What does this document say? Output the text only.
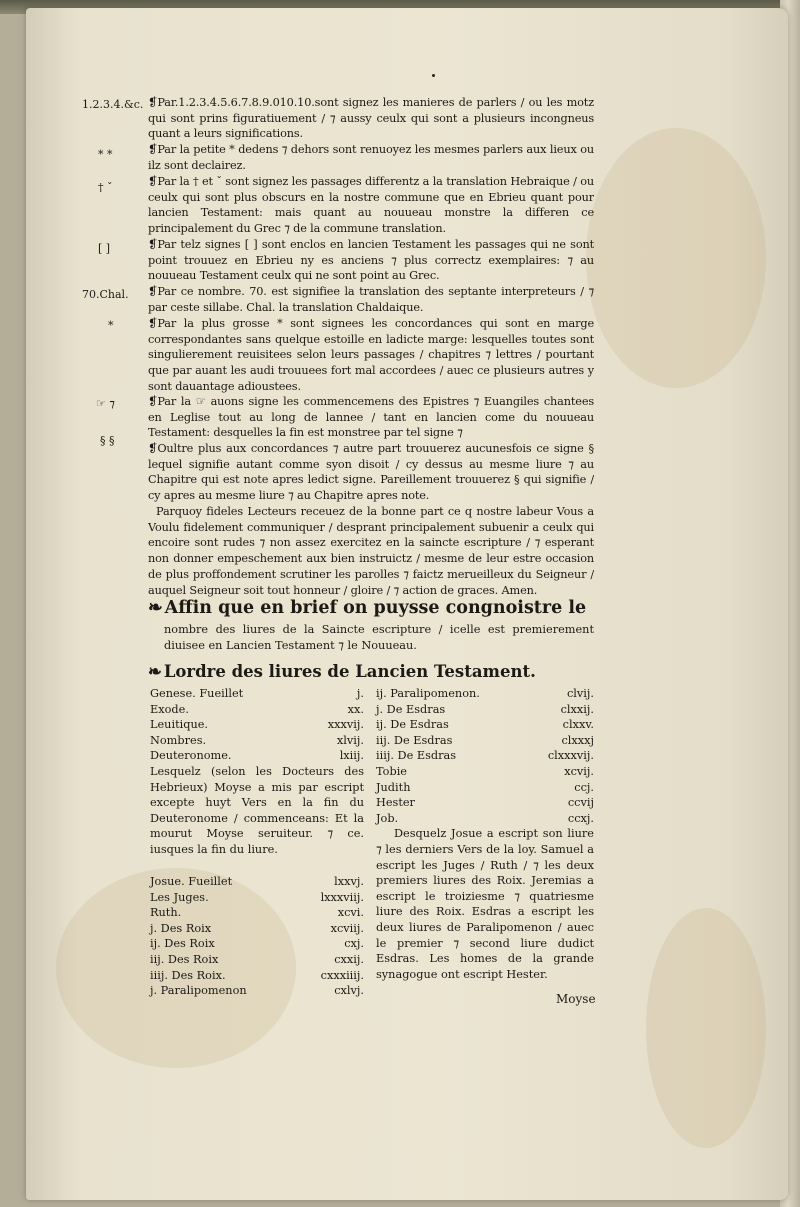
1.2.3.4.&c.
* *
† ˇ
[ ]
70.Chal.
*
☞ ⁊
§ §

❡Par.1.2.3.4.5.6.7.8.9.010.10.sont signez les manieres de parlers / ou les motz qui sont prins figuratiuement / ⁊ aussy ceulx qui sont a plusieurs incongneus quant a leurs significations.

❡Par la petite * dedens ⁊ dehors sont renuoyez les mesmes parlers aux lieux ou ilz sont declairez.

❡Par la † et ˇ sont signez les passages differentz a la translation Hebraique / ou ceulx qui sont plus obscurs en la nostre commune que en Ebrieu quant pour lancien Testament: mais quant au nouueau monstre la differen ce principalement du Grec ⁊ de la commune translation.

❡Par telz signes [ ] sont enclos en lancien Testament les passages qui ne sont point trouuez en Ebrieu ny es anciens ⁊ plus correctz exemplaires: ⁊ au nouueau Testament ceulx qui ne sont point au Grec.

❡Par ce nombre. 70. est signifiee la translation des septante interpreteurs / ⁊ par ceste sillabe. Chal. la translation Chaldaique.

❡Par la plus grosse * sont signees les concordances qui sont en marge correspondantes sans quelque estoille en ladicte marge: lesquelles toutes sont singulierement reuisitees selon leurs passages / chapitres ⁊ lettres / pourtant que par auant les audi trouuees fort mal accordees / auec ce plusieurs autres y sont dauantage adioustees.

❡Par la ☞ auons signe les commencemens des Epistres ⁊ Euangiles chantees en Leglise tout au long de lannee / tant en lancien come du nouueau Testament: desquelles la fin est monstree par tel signe ⁊

❡Oultre plus aux concordances ⁊ autre part trouuerez aucunesfois ce signe § lequel signifie autant comme syon disoit / cy dessus au mesme liure ⁊ au Chapitre qui est note apres ledict signe. Pareillement trouuerez § qui signifie / cy apres au mesme liure ⁊ au Chapitre apres note.

Parquoy fideles Lecteurs receuez de la bonne part ce q nostre labeur Vous a Voulu fidelement communiquer / desprant principalement subuenir a ceulx qui encoire sont rudes ⁊ non assez exercitez en la saincte escripture / ⁊ esperant non donner empeschement aux bien instruictz / mesme de leur estre occasion de plus proffondement scrutiner les parolles ⁊ faictz merueilleux du Seigneur / auquel Seigneur soit tout honneur / gloire / ⁊ action de graces. Amen.

❧ Affin que en brief on puysse congnoistre le
nombre des liures de la Saincte escripture / icelle est premierement diuisee en Lancien Testament ⁊ le Nouueau.
❧ Lordre des liures de Lancien Testament.
Genese. Fueillet	j.
Exode.	xx.
Leuitique.	xxxvij.
Nombres.	xlvij.
Deuteronome.	lxiij.
Lesquelz (selon les Docteurs des Hebrieux) Moyse a mis par escript excepte huyt Vers en la fin du Deuteronome / commenceans: Et la mourut Moyse seruiteur. ⁊ ce. iusques la fin du liure.
Josue. Fueillet	lxxvj.
Les Juges.	lxxxviij.
Ruth.	xcvi.
j. Des Roix	xcviij.
ij. Des Roix	cxj.
iij. Des Roix	cxxij.
iiij. Des Roix.	cxxxiiij.
j. Paralipomenon	cxlvj.
ij. Paralipomenon.	clvij.
j. De Esdras	clxxij.
ij. De Esdras	clxxv.
iij. De Esdras	clxxxj
iiij. De Esdras	clxxxvij.
Tobie	xcvij.
Judith	ccj.
Hester	ccvij
Job.	ccxj.
Desquelz Josue a escript son liure ⁊ les derniers Vers de la loy. Samuel a escript les Juges / Ruth / ⁊ les deux premiers liures des Roix. Jeremias a escript le troiziesme ⁊ quatriesme liure des Roix. Esdras a escript les deux liures de Paralipomenon / auec le premier ⁊ second liure dudict Esdras. Les homes de la grande synagogue ont escript Hester.
Moyse
